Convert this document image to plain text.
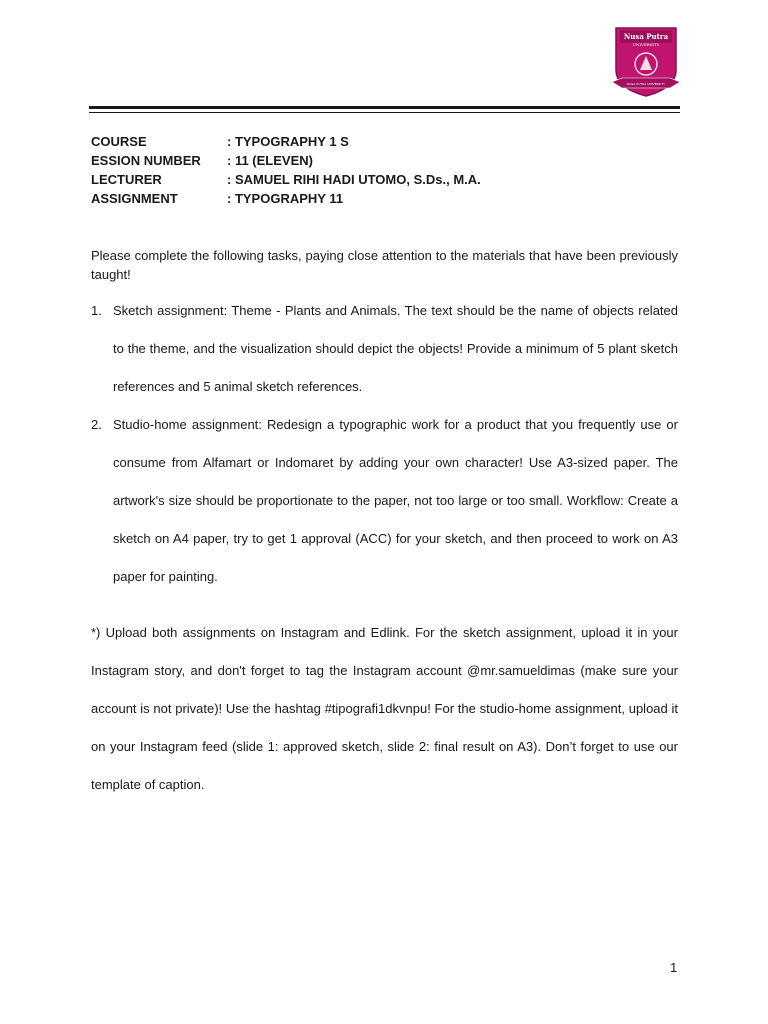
Nusa Putra
UNIVERSITY
NUSA PUTRA UNIVERSITY
COURSE	: TYPOGRAPHY 1 S
ESSION NUMBER	: 11 (ELEVEN)
LECTURER	: SAMUEL RIHI HADI UTOMO, S.Ds., M.A.
ASSIGNMENT	: TYPOGRAPHY 11

Please complete the following tasks, paying close attention to the materials that have been previously taught!

1. Sketch assignment: Theme - Plants and Animals. The text should be the name of objects related to the theme, and the visualization should depict the objects! Provide a minimum of 5 plant sketch references and 5 animal sketch references.
2. Studio-home assignment: Redesign a typographic work for a product that you frequently use or consume from Alfamart or Indomaret by adding your own character! Use A3-sized paper. The artwork's size should be proportionate to the paper, not too large or too small. Workflow: Create a sketch on A4 paper, try to get 1 approval (ACC) for your sketch, and then proceed to work on A3 paper for painting.

*) Upload both assignments on Instagram and Edlink. For the sketch assignment, upload it in your Instagram story, and don't forget to tag the Instagram account @mr.samueldimas (make sure your account is not private)! Use the hashtag #tipografi1dkvnpu! For the studio-home assignment, upload it on your Instagram feed (slide 1: approved sketch, slide 2: final result on A3). Don’t forget to use our template of caption.

1
